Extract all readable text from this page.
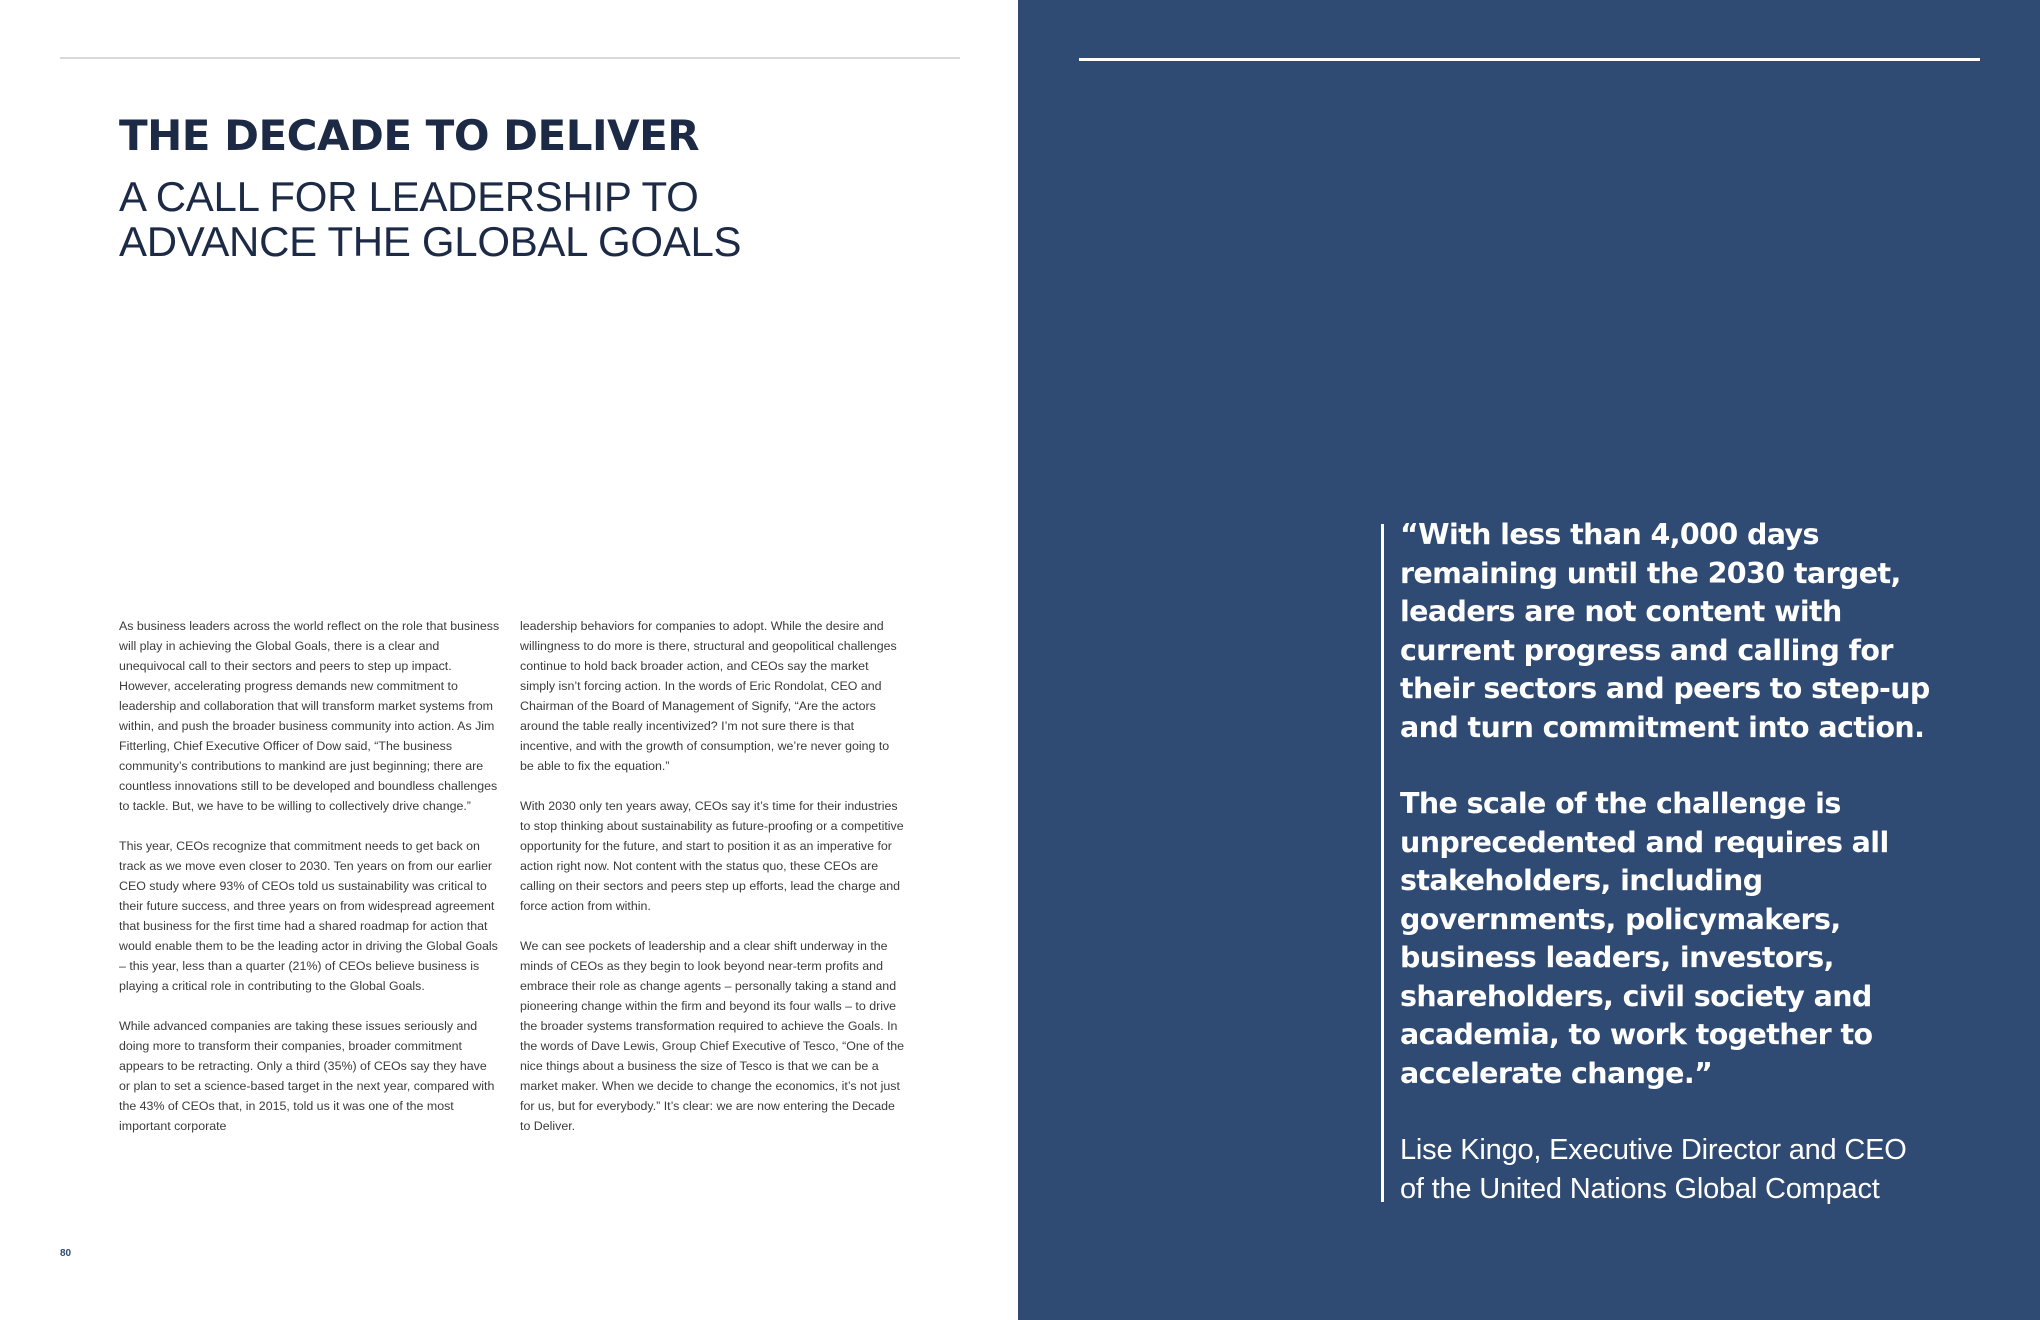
THE DECADE TO DELIVER
A CALL FOR LEADERSHIP TO
ADVANCE THE GLOBAL GOALS

As business leaders across the world reflect on the role that business will play in achieving the Global Goals, there is a clear and unequivocal call to their sectors and peers to step up impact. However, accelerating progress demands new commitment to leadership and collaboration that will transform market systems from within, and push the broader business community into action. As Jim Fitterling, Chief Executive Officer of Dow said, “The business community’s contributions to mankind are just beginning; there are countless innovations still to be developed and boundless challenges to tackle. But, we have to be willing to collectively drive change.”

This year, CEOs recognize that commitment needs to get back on track as we move even closer to 2030. Ten years on from our earlier CEO study where 93% of CEOs told us sustainability was critical to their future success, and three years on from widespread agreement that business for the first time had a shared roadmap for action that would enable them to be the leading actor in driving the Global Goals – this year, less than a quarter (21%) of CEOs believe business is playing a critical role in contributing to the Global Goals.

While advanced companies are taking these issues seriously and doing more to transform their companies, broader commitment appears to be retracting. Only a third (35%) of CEOs say they have or plan to set a science-based target in the next year, compared with the 43% of CEOs that, in 2015, told us it was one of the most important corporate

leadership behaviors for companies to adopt. While the desire and willingness to do more is there, structural and geopolitical challenges continue to hold back broader action, and CEOs say the market simply isn’t forcing action. In the words of Eric Rondolat, CEO and Chairman of the Board of Management of Signify, “Are the actors around the table really incentivized? I’m not sure there is that incentive, and with the growth of consumption, we’re never going to be able to fix the equation.”

With 2030 only ten years away, CEOs say it’s time for their industries to stop thinking about sustainability as future-proofing or a competitive opportunity for the future, and start to position it as an imperative for action right now. Not content with the status quo, these CEOs are calling on their sectors and peers step up efforts, lead the charge and force action from within.

We can see pockets of leadership and a clear shift underway in the minds of CEOs as they begin to look beyond near-term profits and embrace their role as change agents – personally taking a stand and pioneering change within the firm and beyond its four walls – to drive the broader systems transformation required to achieve the Goals. In the words of Dave Lewis, Group Chief Executive of Tesco, “One of the nice things about a business the size of Tesco is that we can be a market maker. When we decide to change the economics, it’s not just for us, but for everybody.” It’s clear: we are now entering the Decade to Deliver.

80
“With less than 4,000 days remaining until the 2030 target, leaders are not content with current progress and calling for their sectors and peers to step-up and turn commitment into action.
The scale of the challenge is unprecedented and requires all stakeholders, including governments, policymakers, business leaders, investors, shareholders, civil society and academia, to work together to accelerate change.”
Lise Kingo, Executive Director and CEO
of the United Nations Global Compact
